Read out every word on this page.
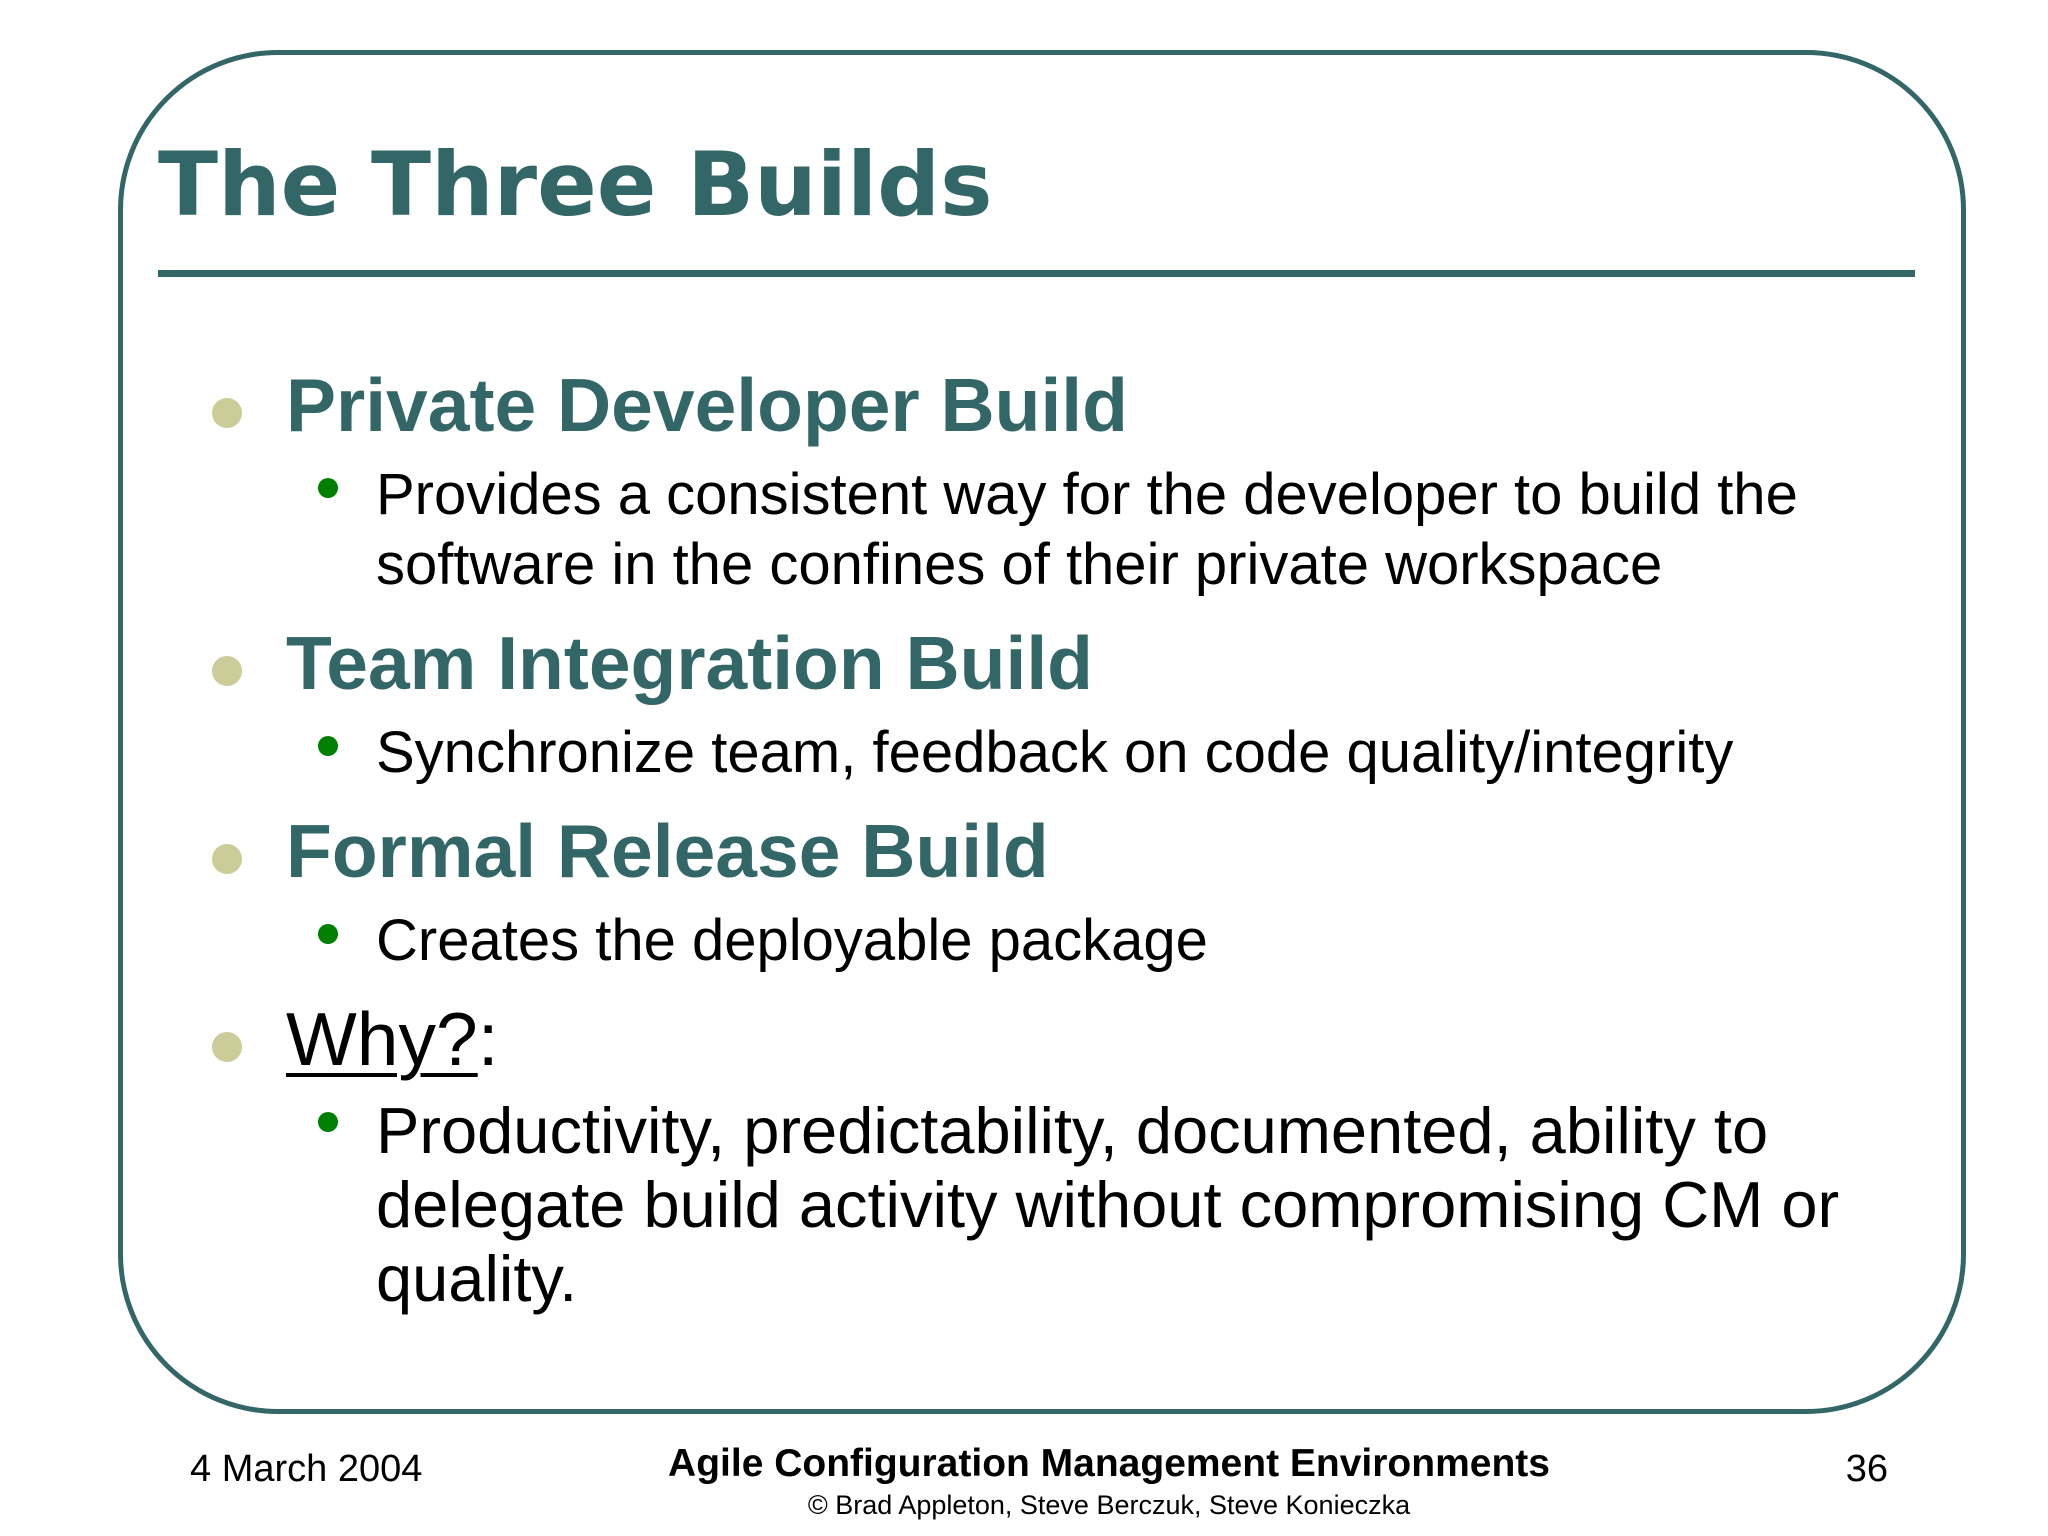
The Three Builds
Private Developer Build
Provides a consistent way for the developer to build the software in the confines of their private workspace
Team Integration Build
Synchronize team, feedback on code quality/integrity
Formal Release Build
Creates the deployable package
Why?:
Productivity, predictability, documented, ability to delegate build activity without compromising CM or quality.
4 March 2004	Agile Configuration Management Environments
© Brad Appleton, Steve Berczuk, Steve Konieczka
36
